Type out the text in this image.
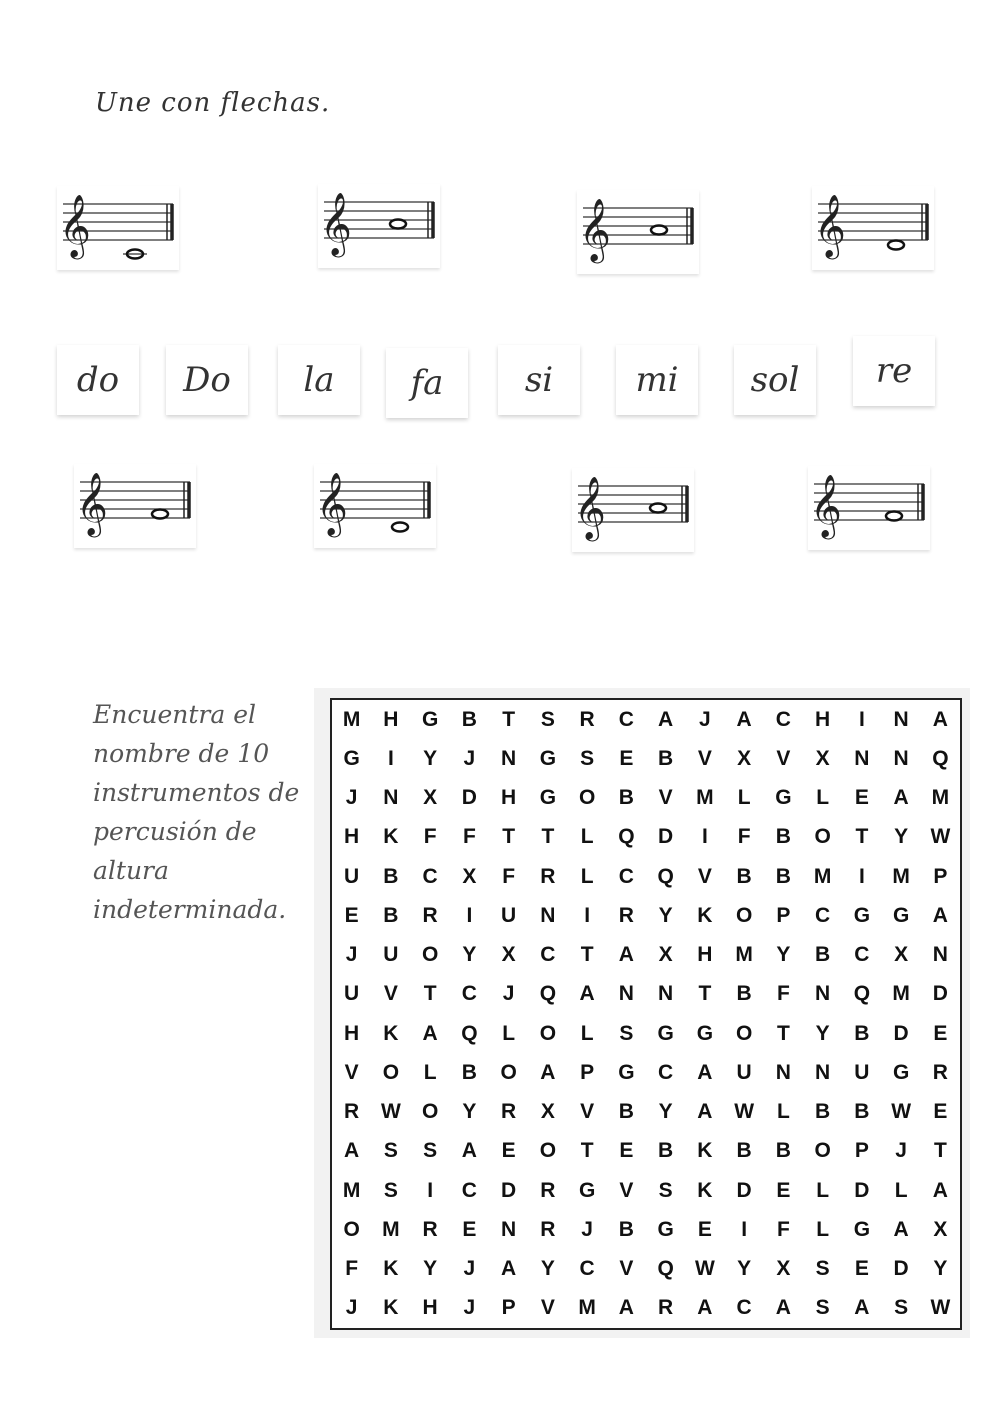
Une con flechas.
𝄞	𝄞	𝄞	𝄞
do	Do	la	fa	si	mi	sol	re
𝄞	𝄞	𝄞	𝄞
Encuentra el
nombre de 10
instrumentos de
percusión de
altura
indeterminada.
M	H	G	B	T	S	R	C	A	J	A	C	H	I	N	A
G	I	Y	J	N	G	S	E	B	V	X	V	X	N	N	Q
J	N	X	D	H	G	O	B	V	M	L	G	L	E	A	M
H	K	F	F	T	T	L	Q	D	I	F	B	O	T	Y	W
U	B	C	X	F	R	L	C	Q	V	B	B	M	I	M	P
E	B	R	I	U	N	I	R	Y	K	O	P	C	G	G	A
J	U	O	Y	X	C	T	A	X	H	M	Y	B	C	X	N
U	V	T	C	J	Q	A	N	N	T	B	F	N	Q	M	D
H	K	A	Q	L	O	L	S	G	G	O	T	Y	B	D	E
V	O	L	B	O	A	P	G	C	A	U	N	N	U	G	R
R	W	O	Y	R	X	V	B	Y	A	W	L	B	B	W	E
A	S	S	A	E	O	T	E	B	K	B	B	O	P	J	T
M	S	I	C	D	R	G	V	S	K	D	E	L	D	L	A
O	M	R	E	N	R	J	B	G	E	I	F	L	G	A	X
F	K	Y	J	A	Y	C	V	Q	W	Y	X	S	E	D	Y
J	K	H	J	P	V	M	A	R	A	C	A	S	A	S	W
